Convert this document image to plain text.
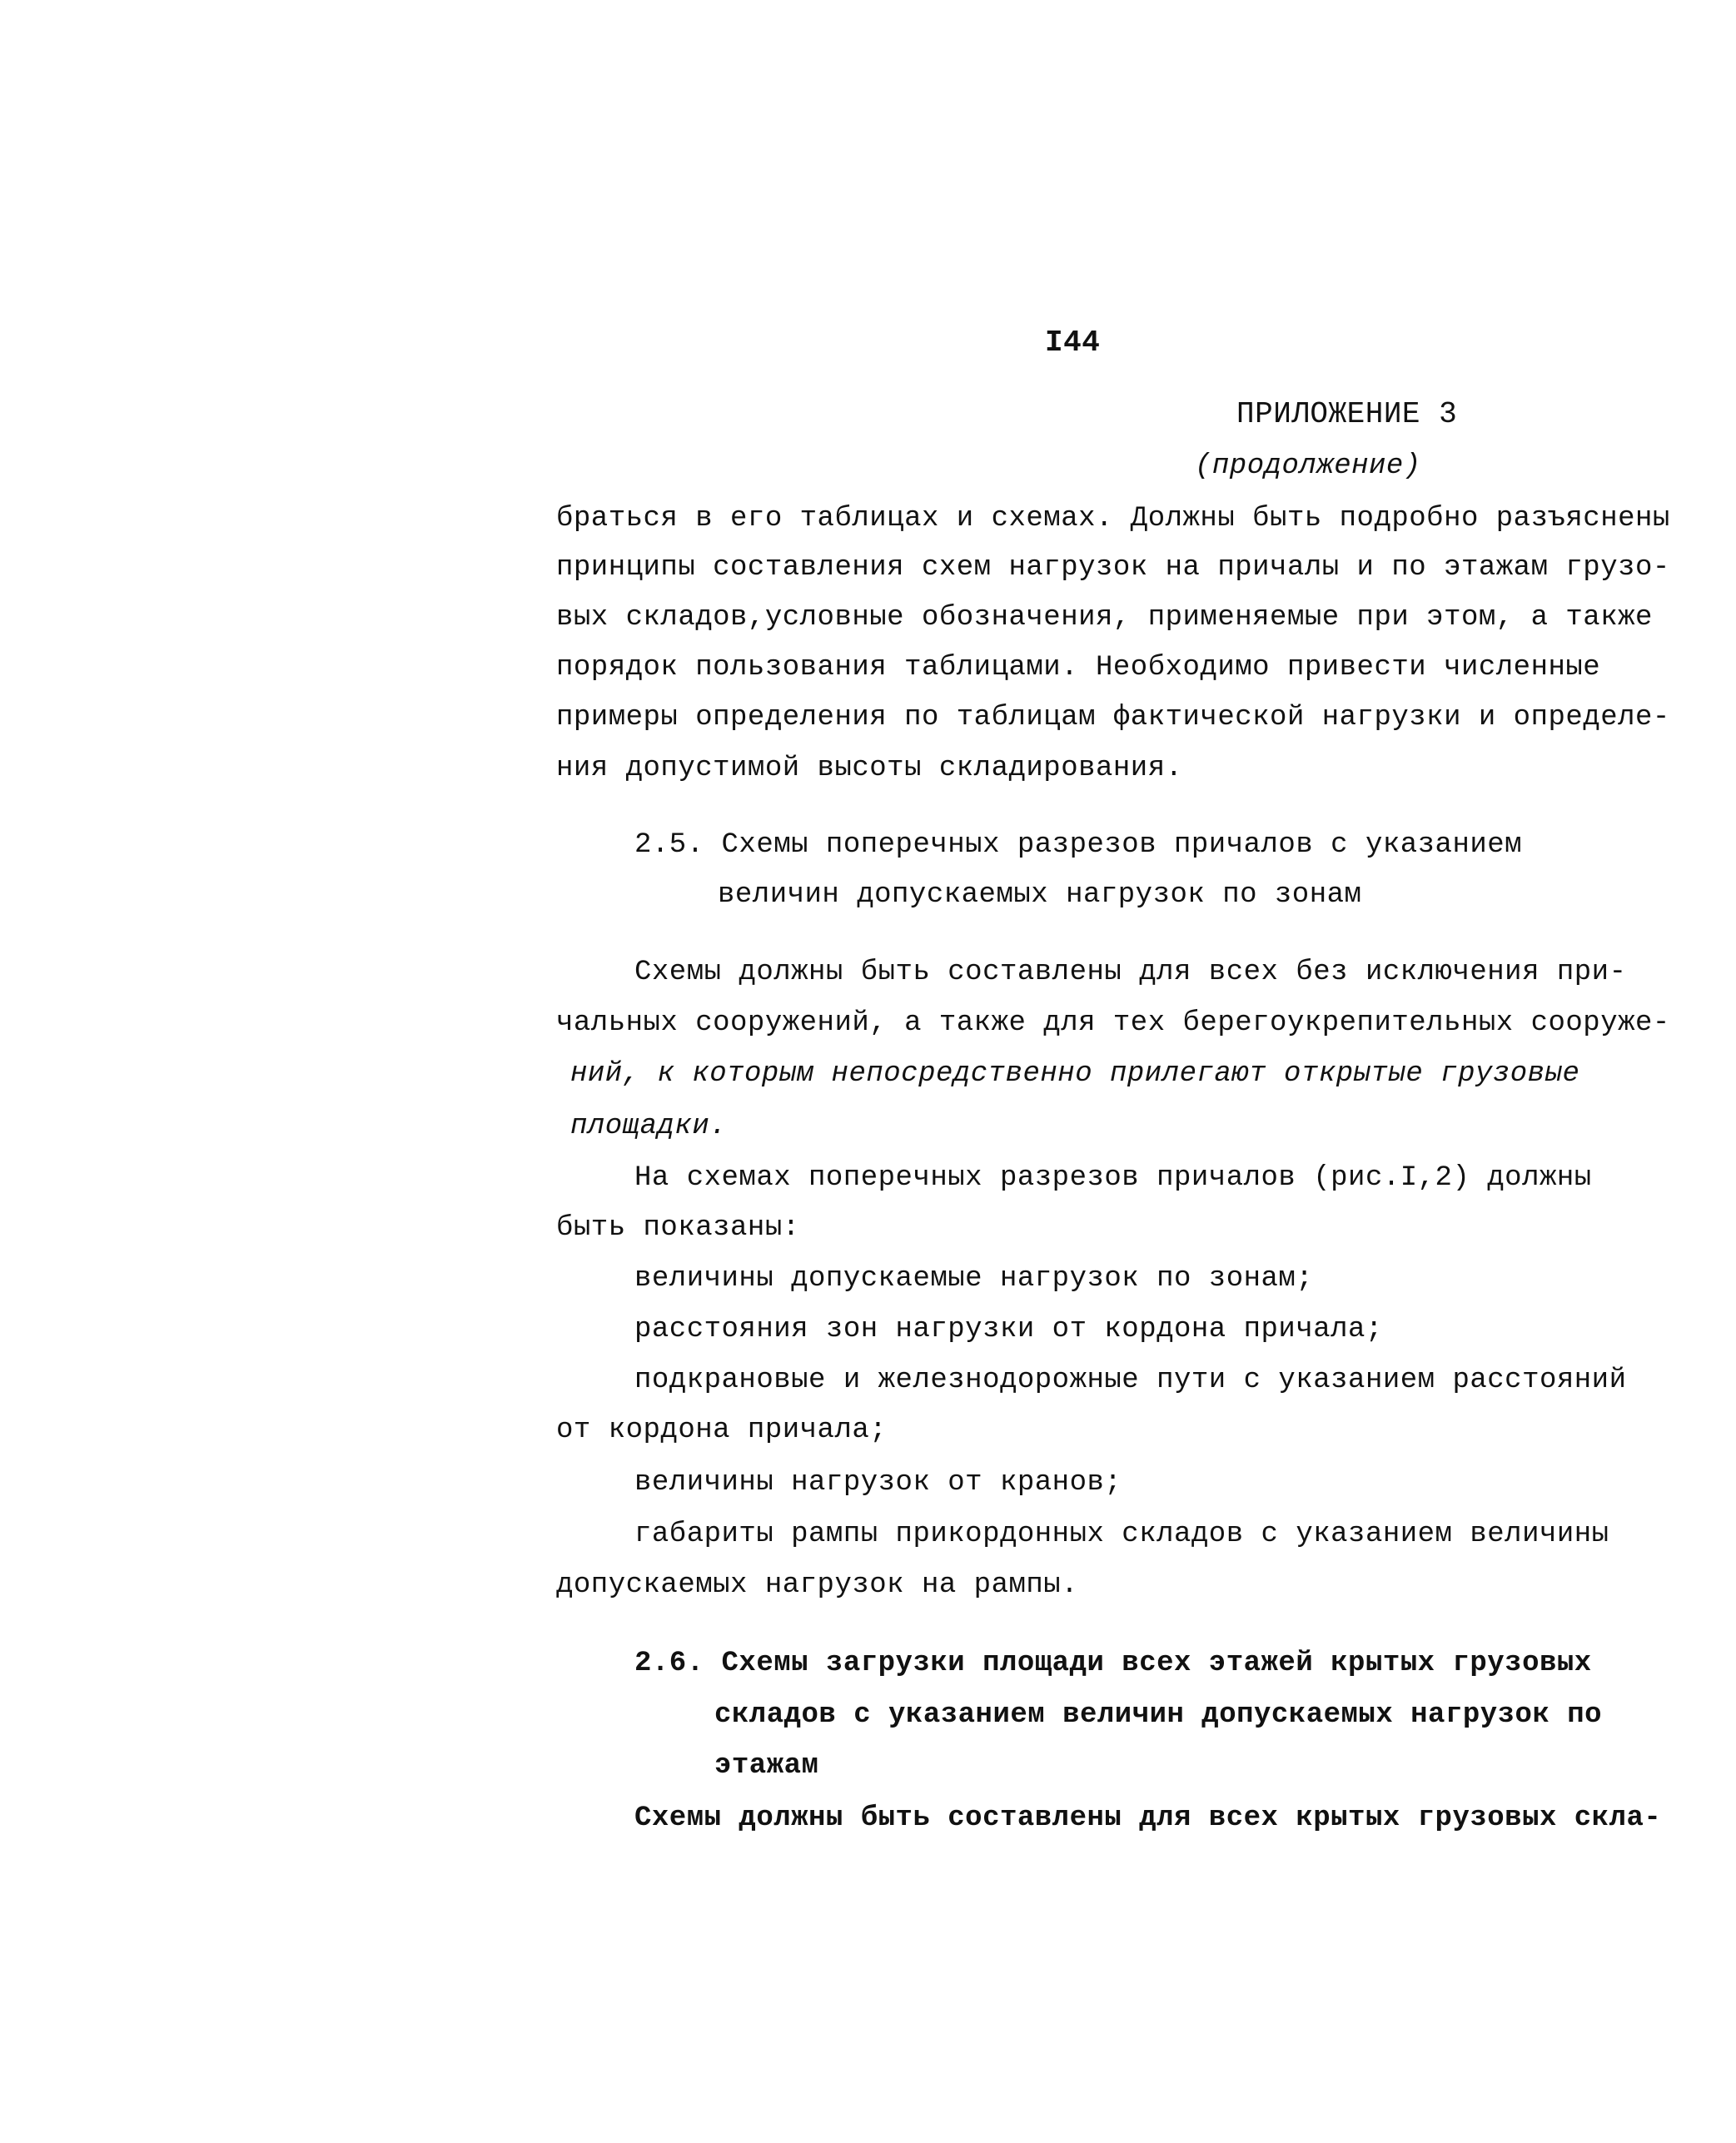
I44
ПРИЛОЖЕНИЕ 3
(продолжение)
браться в его таблицах и схемах. Должны быть подробно разъяснены
принципы составления схем нагрузок на причалы и по этажам грузо-
вых складов,условные обозначения, применяемые при этом, а также
порядок пользования таблицами. Необходимо привести численные
примеры определения по таблицам фактической нагрузки и определе-
ния допустимой высоты складирования.
2.5. Схемы поперечных разрезов причалов с указанием
величин допускаемых нагрузок по зонам
Схемы должны быть составлены для всех без исключения при-
чальных сооружений, а также для тех берегоукрепительных сооруже-
ний, к которым непосредственно прилегают открытые грузовые
площадки.
На схемах поперечных разрезов причалов (рис.I,2) должны
быть показаны:
величины допускаемые нагрузок по зонам;
расстояния зон нагрузки от кордона причала;
подкрановые и железнодорожные пути с указанием расстояний
от кордона причала;
величины нагрузок от кранов;
габариты рампы прикордонных складов с указанием величины
допускаемых нагрузок на рампы.
2.6. Схемы загрузки площади всех этажей крытых грузовых
складов с указанием величин допускаемых нагрузок по
этажам
Схемы должны быть составлены для всех крытых грузовых скла-
